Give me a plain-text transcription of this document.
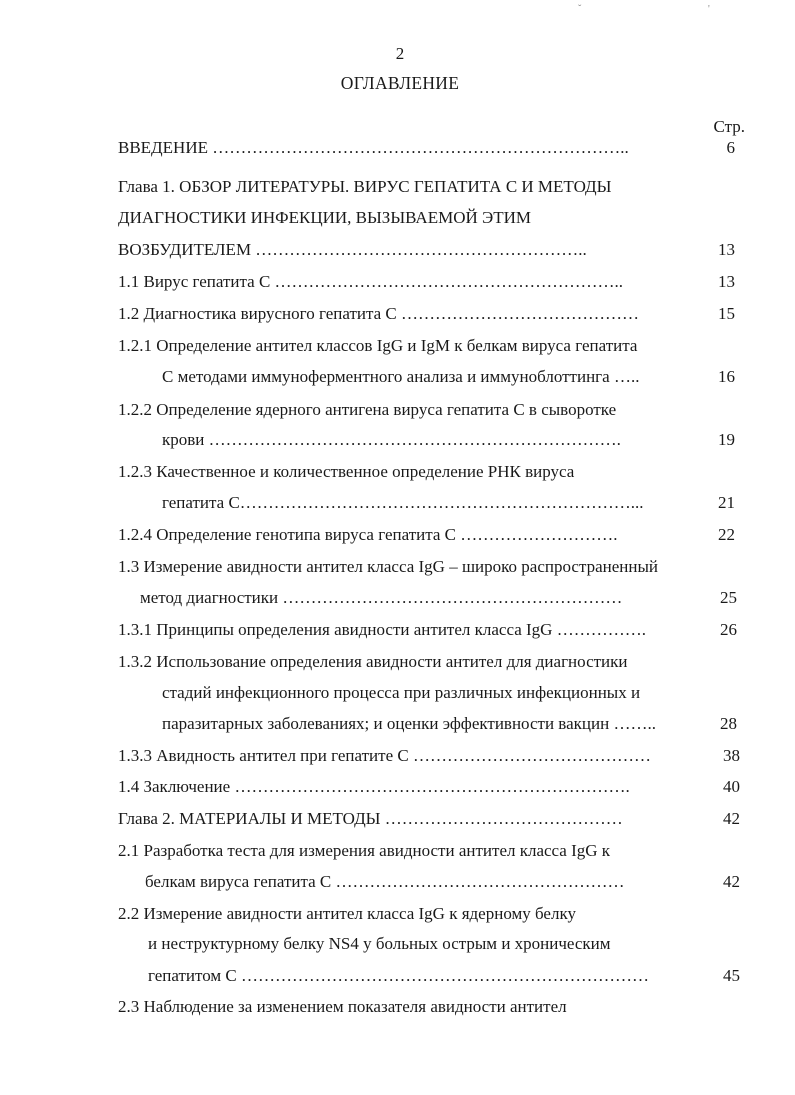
ˇ	'
2
ОГЛАВЛЕНИЕ
Стр.
ВВЕДЕНИЕ ………………………………………………………………..	6
Глава 1. ОБЗОР ЛИТЕРАТУРЫ. ВИРУС ГЕПАТИТА С И МЕТОДЫ
ДИАГНОСТИКИ ИНФЕКЦИИ, ВЫЗЫВАЕМОЙ ЭТИМ
ВОЗБУДИТЕЛЕМ …………………………………………………..	13
1.1 Вирус гепатита С ……………………………………………………..	13
1.2 Диагностика вирусного гепатита С ……………………………………	15
1.2.1 Определение антител классов IgG и IgM к белкам вируса гепатита
С методами иммуноферментного анализа и иммуноблоттинга …..	16
1.2.2 Определение ядерного антигена вируса гепатита С в сыворотке
крови ……………………………………………………………….	19
1.2.3 Качественное и количественное определение РНК вируса
гепатита С……………………………………………………………...	21
1.2.4 Определение генотипа вируса гепатита С ……………………….	22
1.3 Измерение авидности антител класса IgG – широко распространенный
метод диагностики ……………………………………………………	25
1.3.1 Принципы определения авидности антител класса IgG …………….	26
1.3.2 Использование определения авидности антител для диагностики
стадий инфекционного процесса при различных инфекционных и
паразитарных заболеваниях; и оценки эффективности вакцин ……..	28
1.3.3 Авидность антител при гепатите С ……………………………………	38
1.4 Заключение …………………………………………………………….	40
Глава 2. МАТЕРИАЛЫ И МЕТОДЫ ……………………………………	42
2.1 Разработка теста для измерения авидности антител класса IgG к
белкам вируса гепатита С ……………………………………………	42
2.2 Измерение авидности антител класса IgG к ядерному белку
и неструктурному белку NS4 у больных острым и хроническим
гепатитом С ………………………………………………………………	45
2.3 Наблюдение за изменением показателя авидности антител
